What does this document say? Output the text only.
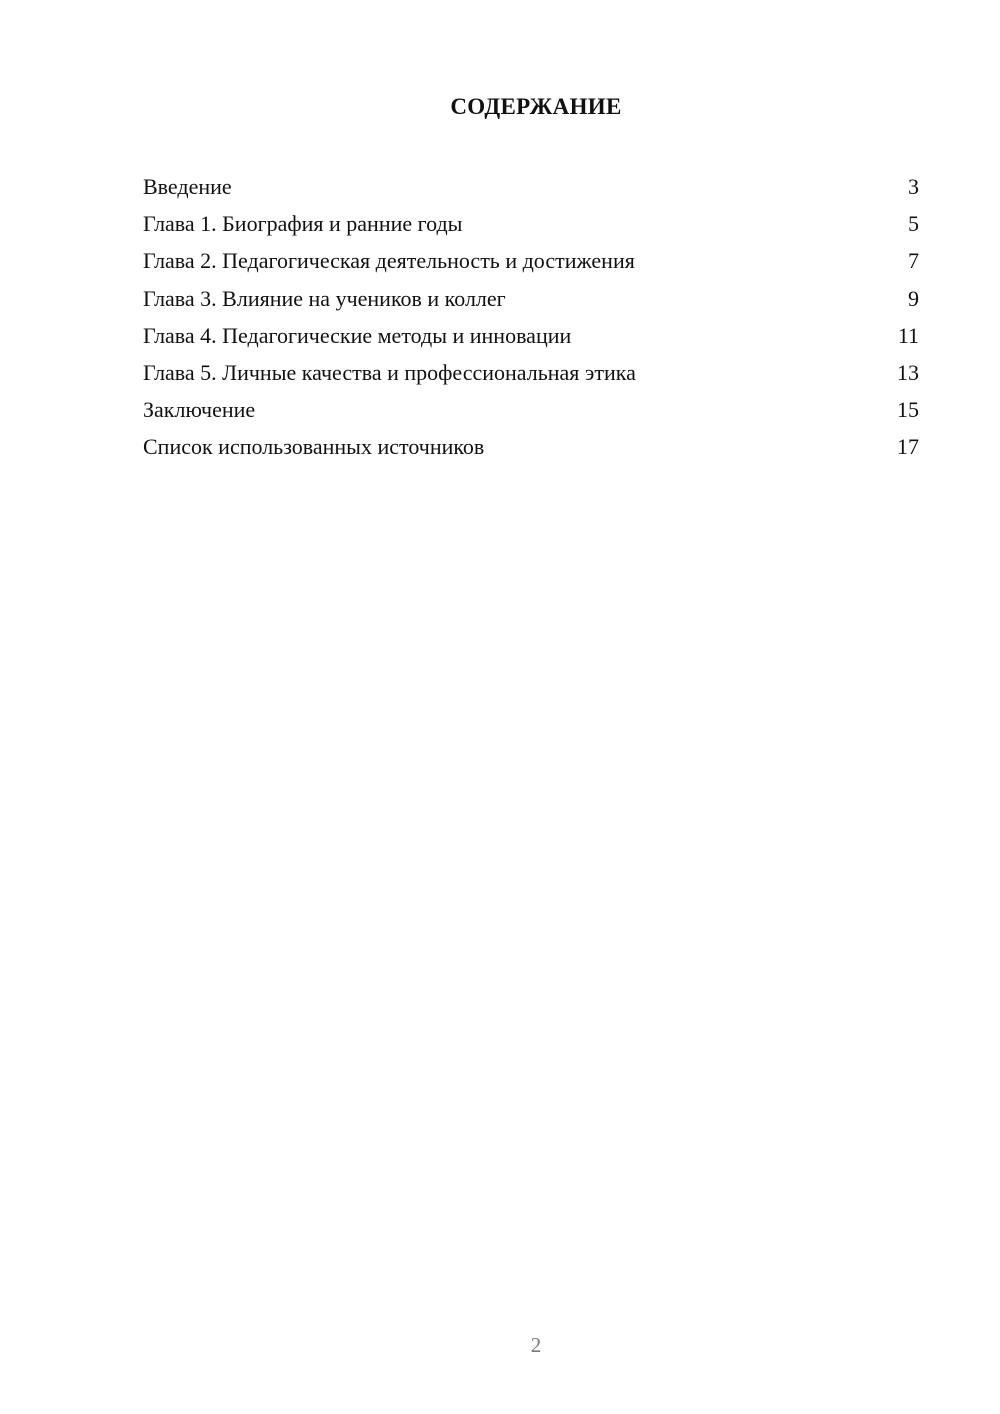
СОДЕРЖАНИЕ
Введение	3
Глава 1. Биография и ранние годы	5
Глава 2. Педагогическая деятельность и достижения	7
Глава 3. Влияние на учеников и коллег	9
Глава 4. Педагогические методы и инновации	11
Глава 5. Личные качества и профессиональная этика	13
Заключение	15
Список использованных источников	17
2
